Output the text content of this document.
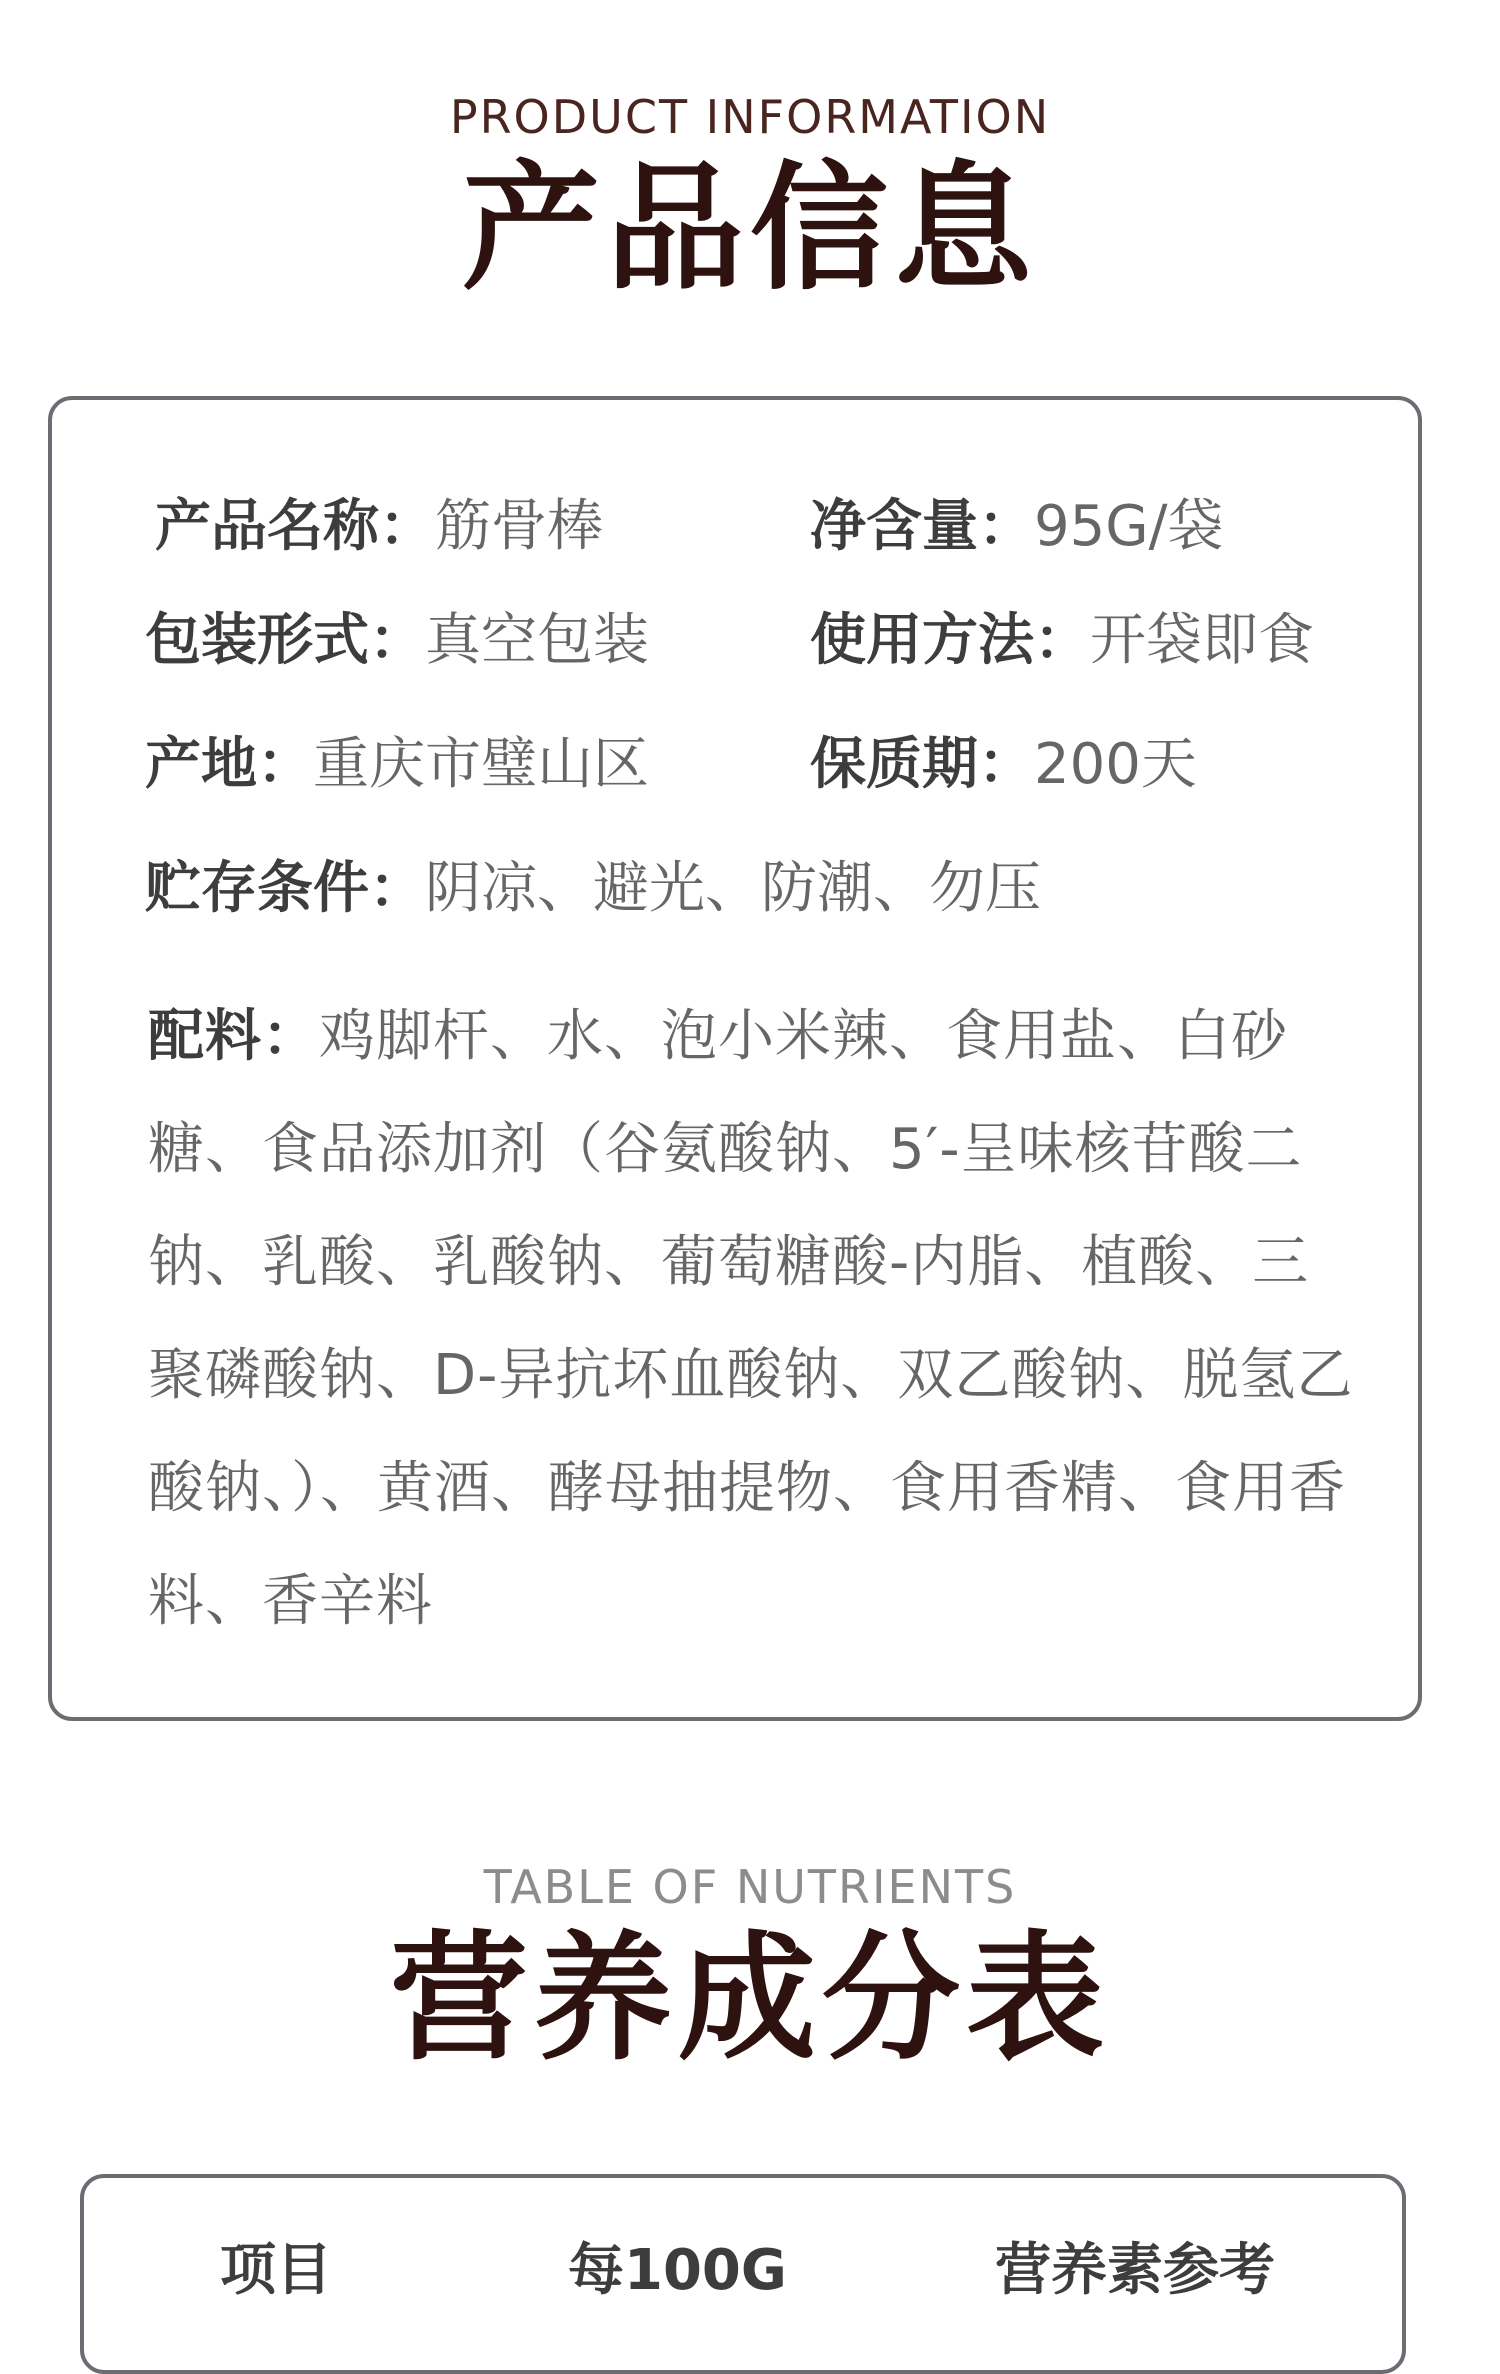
PRODUCT INFORMATION
产品信息
产品名称：筋骨棒	净含量：95G/袋
包装形式：真空包装	使用方法：开袋即食
产地：重庆市璧山区	保质期：200天
贮存条件：阴凉、避光、防潮、勿压
配料：鸡脚杆、水、泡小米辣、食用盐、白砂糖、食品添加剂（谷氨酸钠、5′-呈味核苷酸二钠、乳酸、乳酸钠、葡萄糖酸-内脂、植酸、三聚磷酸钠、D-异抗坏血酸钠、双乙酸钠、脱氢乙酸钠、）、黄酒、酵母抽提物、食用香精、食用香料、香辛料
TABLE OF NUTRIENTS
营养成分表
项目	每100G	营养素参考
